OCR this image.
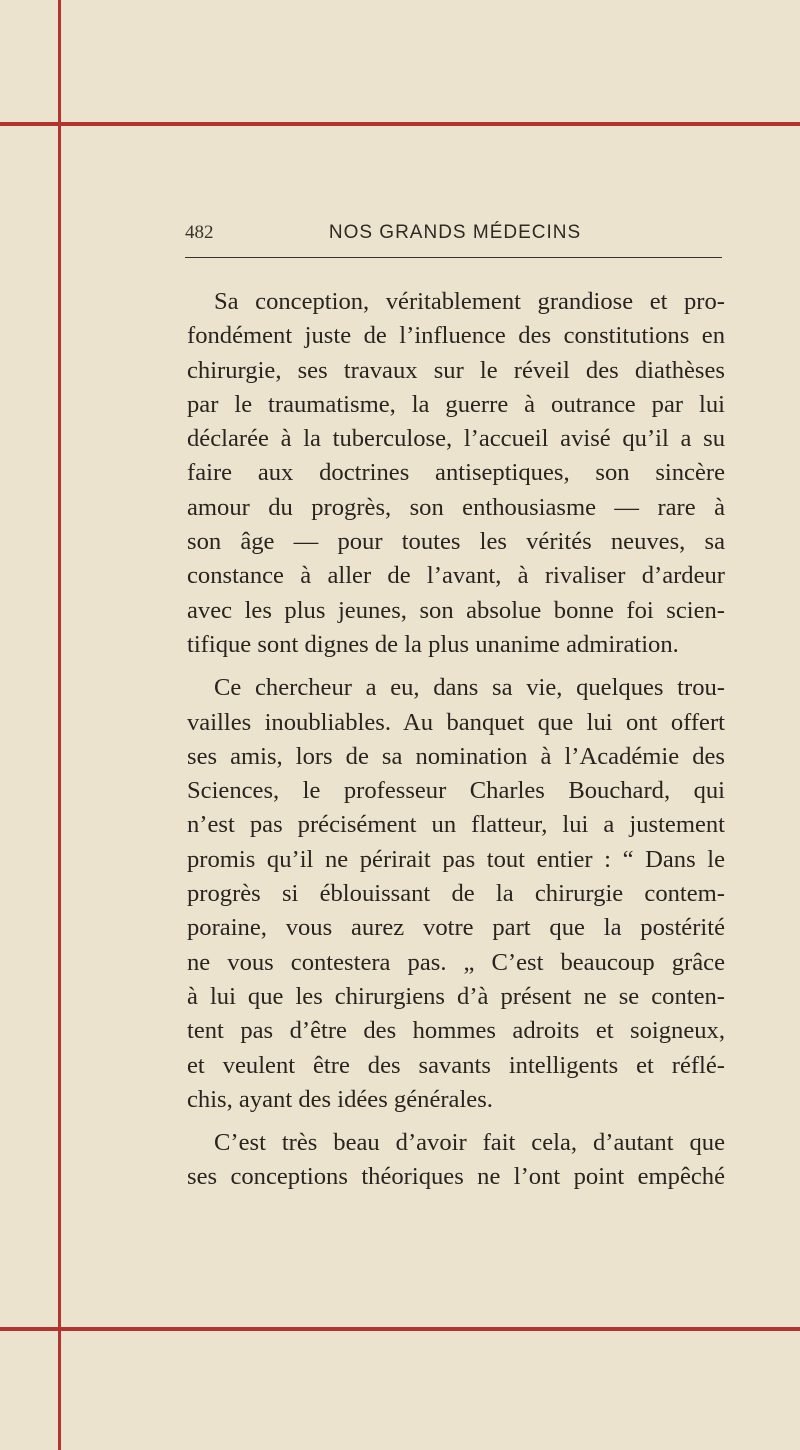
482	NOS GRANDS MÉDECINS
Sa conception, véritablement grandiose et pro-
fondément juste de l’influence des constitutions en
chirurgie, ses travaux sur le réveil des diathèses
par le traumatisme, la guerre à outrance par lui
déclarée à la tuberculose, l’accueil avisé qu’il a su
faire aux doctrines antiseptiques, son sincère
amour du progrès, son enthousiasme — rare à
son âge — pour toutes les vérités neuves, sa
constance à aller de l’avant, à rivaliser d’ardeur
avec les plus jeunes, son absolue bonne foi scien-
tifique sont dignes de la plus unanime admiration.
Ce chercheur a eu, dans sa vie, quelques trou-
vailles inoubliables. Au banquet que lui ont offert
ses amis, lors de sa nomination à l’Académie des
Sciences, le professeur Charles Bouchard, qui
n’est pas précisément un flatteur, lui a justement
promis qu’il ne périrait pas tout entier : “ Dans le
progrès si éblouissant de la chirurgie contem-
poraine, vous aurez votre part que la postérité
ne vous contestera pas. „ C’est beaucoup grâce
à lui que les chirurgiens d’à présent ne se conten-
tent pas d’être des hommes adroits et soigneux,
et veulent être des savants intelligents et réflé-
chis, ayant des idées générales.
C’est très beau d’avoir fait cela, d’autant que
ses conceptions théoriques ne l’ont point empêché
